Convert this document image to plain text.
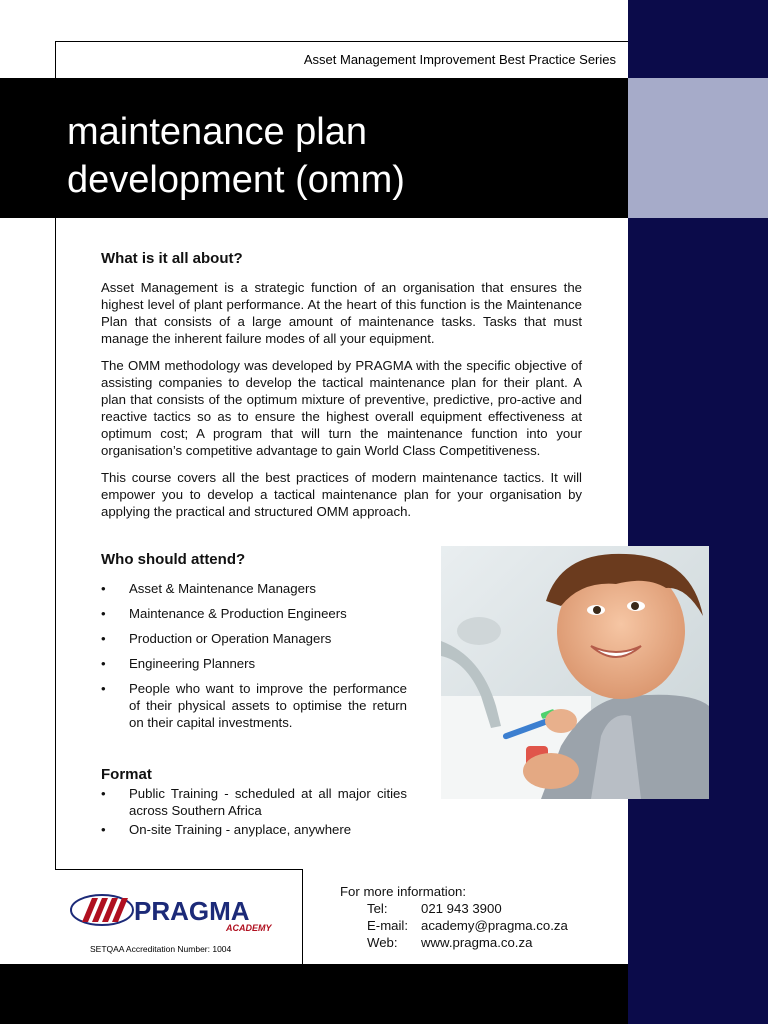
Asset Management Improvement Best Practice Series
maintenance plan
development (omm)
What is it all about?

Asset Management is a strategic function of an organisation that ensures the highest level of plant performance. At the heart of this function is the Maintenance Plan that consists of a large amount of maintenance tasks. Tasks that must manage the inherent failure modes of all your equipment.

The OMM methodology was developed by PRAGMA with the specific objective of assisting companies to develop the tactical maintenance plan for their plant. A plan that consists of the optimum mixture of preventive, predictive, pro-active and reactive tactics so as to ensure the highest overall equipment effectiveness at optimum cost; A program that will turn the maintenance function into your organisation’s competitive advantage to gain World Class Competitiveness.

This course covers all the best practices of modern maintenance tactics. It will empower you to develop a tactical maintenance plan for your organisation by applying the practical and structured OMM approach.

Who should attend?
• Asset & Maintenance Managers
• Maintenance & Production Engineers
• Production or Operation Managers
• Engineering Planners
• People who want to improve the performance of their physical assets to optimise the return on their capital investments.
Format
• Public Training - scheduled at all major cities across Southern Africa
• On-site Training - anyplace, anywhere
PRAGMA
ACADEMY
SETQAA Accreditation Number: 1004
For more information:
Tel:	021 943 3900
E-mail: academy@pragma.co.za
Web:	www.pragma.co.za
